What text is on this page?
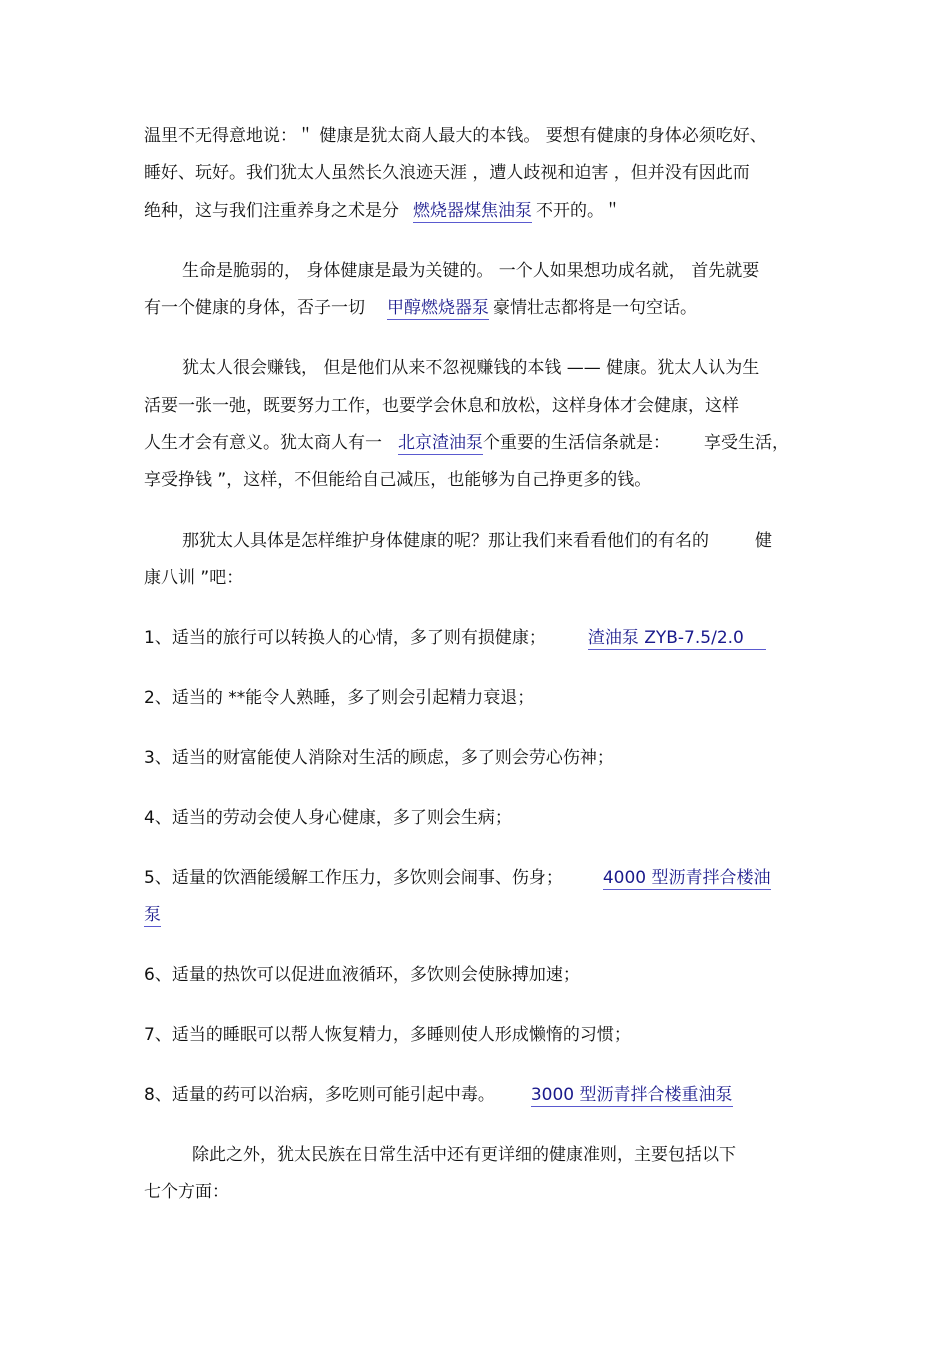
温里不无得意地说：＂ 健康是犹太商人最大的本钱。 要想有健康的身体必须吃好、
睡好、玩好。我们犹太人虽然长久浪迹天涯 ，遭人歧视和迫害 ，但并没有因此而
绝种，这与我们注重养身之术是分 燃烧器煤焦油泵 不开的。＂
生命是脆弱的， 身体健康是最为关键的。 一个人如果想功成名就， 首先就要
有一个健康的身体，否子一切 甲醇燃烧器泵 豪情壮志都将是一句空话。
犹太人很会赚钱， 但是他们从来不忽视赚钱的本钱 —— 健康。犹太人认为生
活要一张一弛，既要努力工作，也要学会休息和放松，这样身体才会健康，这样
人生才会有意义。犹太商人有一 北京渣油泵个重要的生活信条就是： 享受生活，
享受挣钱 ”，这样，不但能给自己减压，也能够为自己挣更多的钱。
那犹太人具体是怎样维护身体健康的呢？那让我们来看看他们的有名的	健
康八训 ”吧：
1、适当的旅行可以转换人的心情，多了则有损健康； 渣油泵 ZYB-7.5/2.0
2、适当的 **能令人熟睡，多了则会引起精力衰退；
3、适当的财富能使人消除对生活的顾虑，多了则会劳心伤神；
4、适当的劳动会使人身心健康，多了则会生病；
5、适量的饮酒能缓解工作压力，多饮则会闹事、伤身； 4000 型沥青拌合楼油
泵
6、适量的热饮可以促进血液循环，多饮则会使脉搏加速；
7、适当的睡眠可以帮人恢复精力，多睡则使人形成懒惰的习惯；
8、适量的药可以治病，多吃则可能引起中毒。 3000 型沥青拌合楼重油泵
除此之外，犹太民族在日常生活中还有更详细的健康准则，主要包括以下
七个方面：
